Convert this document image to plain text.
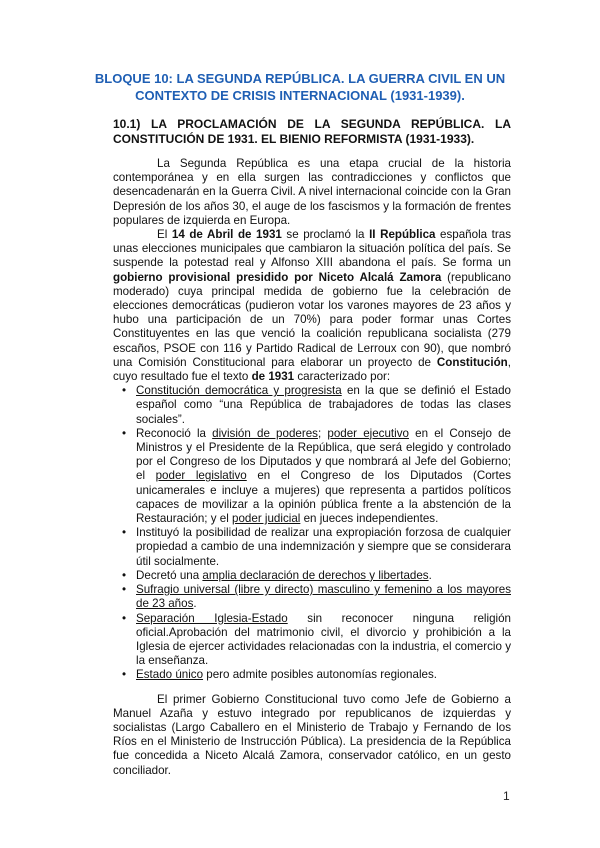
BLOQUE 10: LA SEGUNDA REPÚBLICA. LA GUERRA CIVIL EN UN CONTEXTO DE CRISIS INTERNACIONAL (1931-1939).
10.1) LA PROCLAMACIÓN DE LA SEGUNDA REPÚBLICA. LA CONSTITUCIÓN DE 1931. EL BIENIO REFORMISTA (1931-1933).

La Segunda República es una etapa crucial de la historia contemporánea y en ella surgen las contradicciones y conflictos que desencadenarán en la Guerra Civil. A nivel internacional coincide con la Gran Depresión de los años 30, el auge de los fascismos y la formación de frentes populares de izquierda en Europa.

El 14 de Abril de 1931 se proclamó la II República española tras unas elecciones municipales que cambiaron la situación política del país. Se suspende la potestad real y Alfonso XIII abandona el país. Se forma un gobierno provisional presidido por Niceto Alcalá Zamora (republicano moderado) cuya principal medida de gobierno fue la celebración de elecciones democráticas (pudieron votar los varones mayores de 23 años y hubo una participación de un 70%) para poder formar unas Cortes Constituyentes en las que venció la coalición republicana socialista (279 escaños, PSOE con 116 y Partido Radical de Lerroux con 90), que nombró una Comisión Constitucional para elaborar un proyecto de Constitución, cuyo resultado fue el texto de 1931 caracterizado por:

• Constitución democrática y progresista en la que se definió el Estado español como “una República de trabajadores de todas las clases sociales”.
• Reconoció la división de poderes; poder ejecutivo en el Consejo de Ministros y el Presidente de la República, que será elegido y controlado por el Congreso de los Diputados y que nombrará al Jefe del Gobierno; el poder legislativo en el Congreso de los Diputados (Cortes unicamerales e incluye a mujeres) que representa a partidos políticos capaces de movilizar a la opinión pública frente a la abstención de la Restauración; y el poder judicial en jueces independientes.
• Instituyó la posibilidad de realizar una expropiación forzosa de cualquier propiedad a cambio de una indemnización y siempre que se considerara útil socialmente.
• Decretó una amplia declaración de derechos y libertades.
• Sufragio universal (libre y directo) masculino y femenino a los mayores de 23 años.
• Separación Iglesia-Estado sin reconocer ninguna religión oficial.Aprobación del matrimonio civil, el divorcio y prohibición a la Iglesia de ejercer actividades relacionadas con la industria, el comercio y la enseñanza.
• Estado único pero admite posibles autonomías regionales.

El primer Gobierno Constitucional tuvo como Jefe de Gobierno a Manuel Azaña y estuvo integrado por republicanos de izquierdas y socialistas (Largo Caballero en el Ministerio de Trabajo y Fernando de los Ríos en el Ministerio de Instrucción Pública). La presidencia de la República fue concedida a Niceto Alcalá Zamora, conservador católico, en un gesto conciliador.

1
